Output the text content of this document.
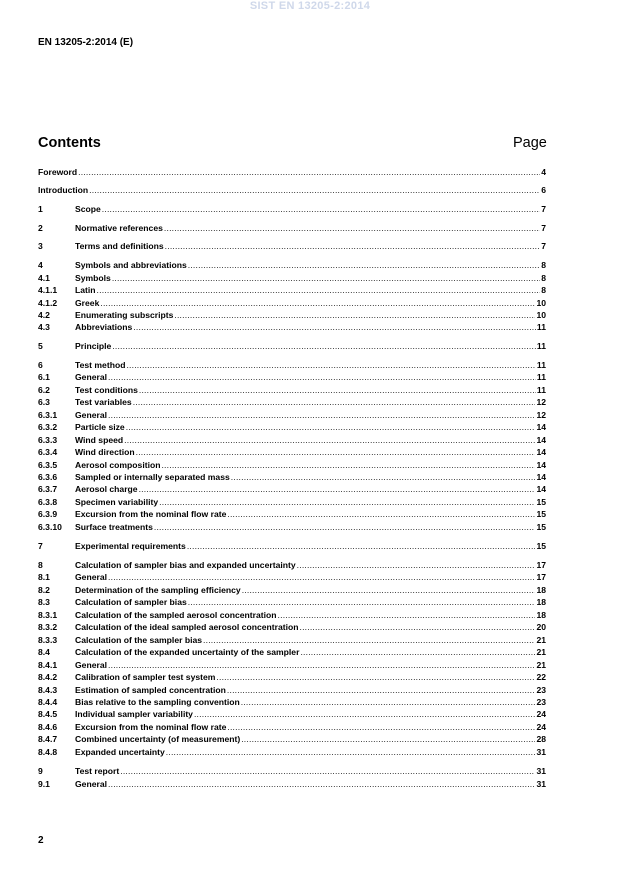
SIST EN 13205-2:2014
EN 13205-2:2014 (E)
Contents	Page
Foreword .....	4
Introduction .....	6
1	Scope .....	7
2	Normative references .....	7
3	Terms and definitions .....	7
4	Symbols and abbreviations .....	8
4.1	Symbols .....	8
4.1.1	Latin .....	8
4.1.2	Greek .....	10
4.2	Enumerating subscripts .....	10
4.3	Abbreviations .....	11
5	Principle .....	11
6	Test method .....	11
6.1	General .....	11
6.2	Test conditions .....	11
6.3	Test variables .....	12
6.3.1	General .....	12
6.3.2	Particle size .....	14
6.3.3	Wind speed .....	14
6.3.4	Wind direction .....	14
6.3.5	Aerosol composition .....	14
6.3.6	Sampled or internally separated mass .....	14
6.3.7	Aerosol charge .....	14
6.3.8	Specimen variability .....	15
6.3.9	Excursion from the nominal flow rate .....	15
6.3.10	Surface treatments .....	15
7	Experimental requirements .....	15
8	Calculation of sampler bias and expanded uncertainty .....	17
8.1	General .....	17
8.2	Determination of the sampling efficiency .....	18
8.3	Calculation of sampler bias .....	18
8.3.1	Calculation of the sampled aerosol concentration .....	18
8.3.2	Calculation of the ideal sampled aerosol concentration .....	20
8.3.3	Calculation of the sampler bias .....	21
8.4	Calculation of the expanded uncertainty of the sampler .....	21
8.4.1	General .....	21
8.4.2	Calibration of sampler test system .....	22
8.4.3	Estimation of sampled concentration .....	23
8.4.4	Bias relative to the sampling convention .....	23
8.4.5	Individual sampler variability .....	24
8.4.6	Excursion from the nominal flow rate .....	24
8.4.7	Combined uncertainty (of measurement) .....	28
8.4.8	Expanded uncertainty .....	31
9	Test report .....	31
9.1	General .....	31
2
